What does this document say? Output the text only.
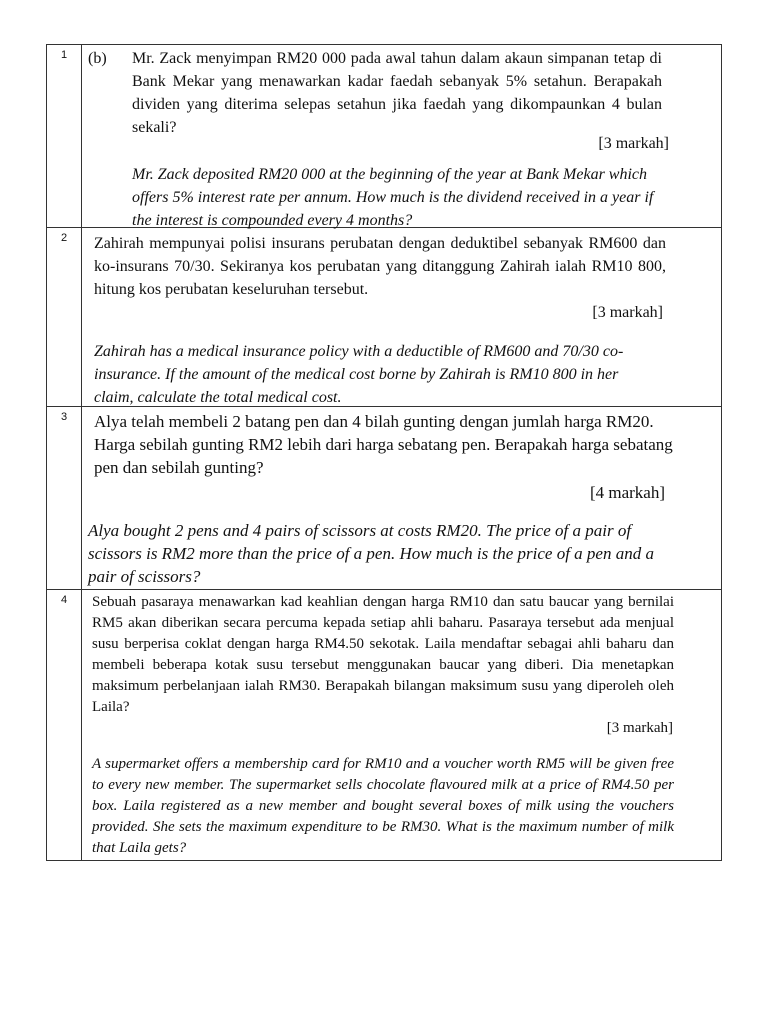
1	(b) Mr. Zack menyimpan RM20 000 pada awal tahun dalam akaun simpanan tetap di Bank Mekar yang menawarkan kadar faedah sebanyak 5% setahun. Berapakah dividen yang diterima selepas setahun jika faedah yang dikompaunkan 4 bulan sekali?
[3 markah]
Mr. Zack deposited RM20 000 at the beginning of the year at Bank Mekar which offers 5% interest rate per annum. How much is the dividend received in a year if the interest is compounded every 4 months?

2	Zahirah mempunyai polisi insurans perubatan dengan deduktibel sebanyak RM600 dan ko-insurans 70/30. Sekiranya kos perubatan yang ditanggung Zahirah ialah RM10 800, hitung kos perubatan keseluruhan tersebut.
[3 markah]
Zahirah has a medical insurance policy with a deductible of RM600 and 70/30 co-insurance. If the amount of the medical cost borne by Zahirah is RM10 800 in her claim, calculate the total medical cost.

3	Alya telah membeli 2 batang pen dan 4 bilah gunting dengan jumlah harga RM20. Harga sebilah gunting RM2 lebih dari harga sebatang pen. Berapakah harga sebatang pen dan sebilah gunting?
[4 markah]
Alya bought 2 pens and 4 pairs of scissors at costs RM20. The price of a pair of scissors is RM2 more than the price of a pen. How much is the price of a pen and a pair of scissors?

4	Sebuah pasaraya menawarkan kad keahlian dengan harga RM10 dan satu baucar yang bernilai RM5 akan diberikan secara percuma kepada setiap ahli baharu. Pasaraya tersebut ada menjual susu berperisa coklat dengan harga RM4.50 sekotak. Laila mendaftar sebagai ahli baharu dan membeli beberapa kotak susu tersebut menggunakan baucar yang diberi. Dia menetapkan maksimum perbelanjaan ialah RM30. Berapakah bilangan maksimum susu yang diperoleh oleh Laila?
[3 markah]
A supermarket offers a membership card for RM10 and a voucher worth RM5 will be given free to every new member. The supermarket sells chocolate flavoured milk at a price of RM4.50 per box. Laila registered as a new member and bought several boxes of milk using the vouchers provided. She sets the maximum expenditure to be RM30. What is the maximum number of milk that Laila gets?
